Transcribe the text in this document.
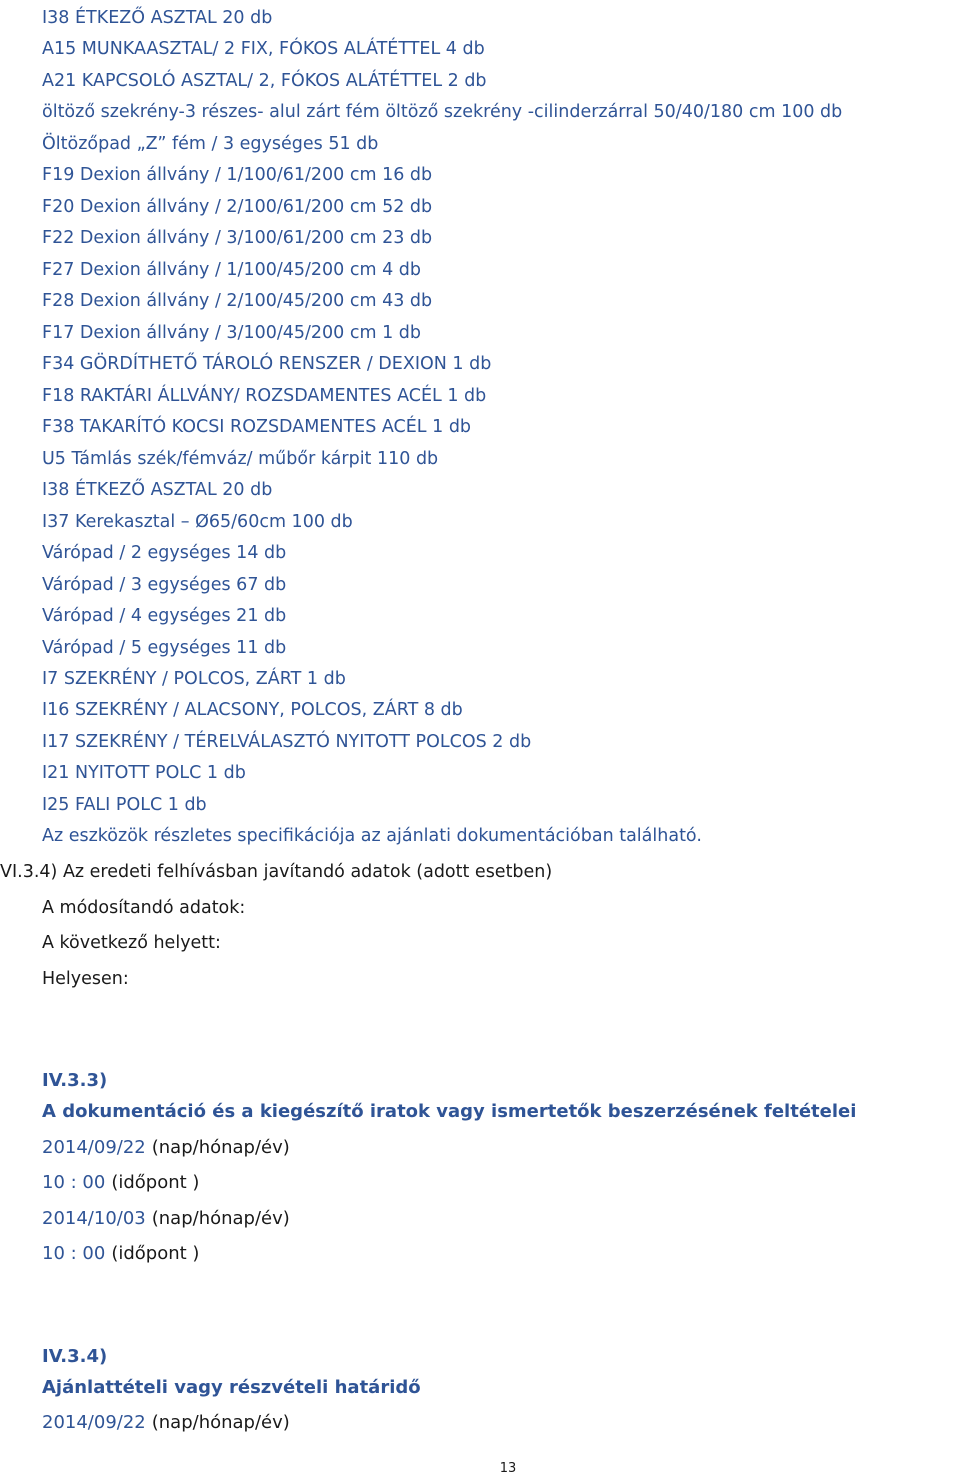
I38 ÉTKEZŐ ASZTAL 20 db
A15 MUNKAASZTAL/ 2 FIX, FÓKOS ALÁTÉTTEL 4 db
A21 KAPCSOLÓ ASZTAL/ 2, FÓKOS ALÁTÉTTEL 2 db
öltöző szekrény-3 részes- alul zárt fém öltöző szekrény -cilinderzárral 50/40/180 cm 100 db
Öltözőpad „Z” fém / 3 egységes 51 db
F19 Dexion állvány / 1/100/61/200 cm 16 db
F20 Dexion állvány / 2/100/61/200 cm 52 db
F22 Dexion állvány / 3/100/61/200 cm 23 db
F27 Dexion állvány / 1/100/45/200 cm 4 db
F28 Dexion állvány / 2/100/45/200 cm 43 db
F17 Dexion állvány / 3/100/45/200 cm 1 db
F34 GÖRDÍTHETŐ TÁROLÓ RENSZER / DEXION 1 db
F18 RAKTÁRI ÁLLVÁNY/ ROZSDAMENTES ACÉL 1 db
F38 TAKARÍTÓ KOCSI ROZSDAMENTES ACÉL 1 db
U5 Támlás szék/fémváz/ műbőr kárpit 110 db
I38 ÉTKEZŐ ASZTAL 20 db
I37 Kerekasztal – Ø65/60cm 100 db
Váróрad / 2 egységes 14 db
Várópad / 3 egységes 67 db
Várópad / 4 egységes 21 db
Várópad / 5 egységes 11 db
I7 SZEKRÉNY / POLCOS, ZÁRT 1 db
I16 SZEKRÉNY / ALACSONY, POLCOS, ZÁRT 8 db
I17 SZEKRÉNY / TÉRELVÁLASZTÓ NYITOTT POLCOS 2 db
I21 NYITOTT POLC 1 db
I25 FALI POLC 1 db
Az eszközök részletes specifikációja az ajánlati dokumentációban található.
VI.3.4) Az eredeti felhívásban javítandó adatok (adott esetben)
A módosítandó adatok:
A következő helyett:
Helyesen:
IV.3.3)
A dokumentáció és a kiegészítő iratok vagy ismertetők beszerzésének feltételei
2014/09/22 (nap/hónap/év)
10 : 00 (időpont )
2014/10/03 (nap/hónap/év)
10 : 00 (időpont )
IV.3.4)
Ajánlattételi vagy részvételi határidő
2014/09/22 (nap/hónap/év)
13
